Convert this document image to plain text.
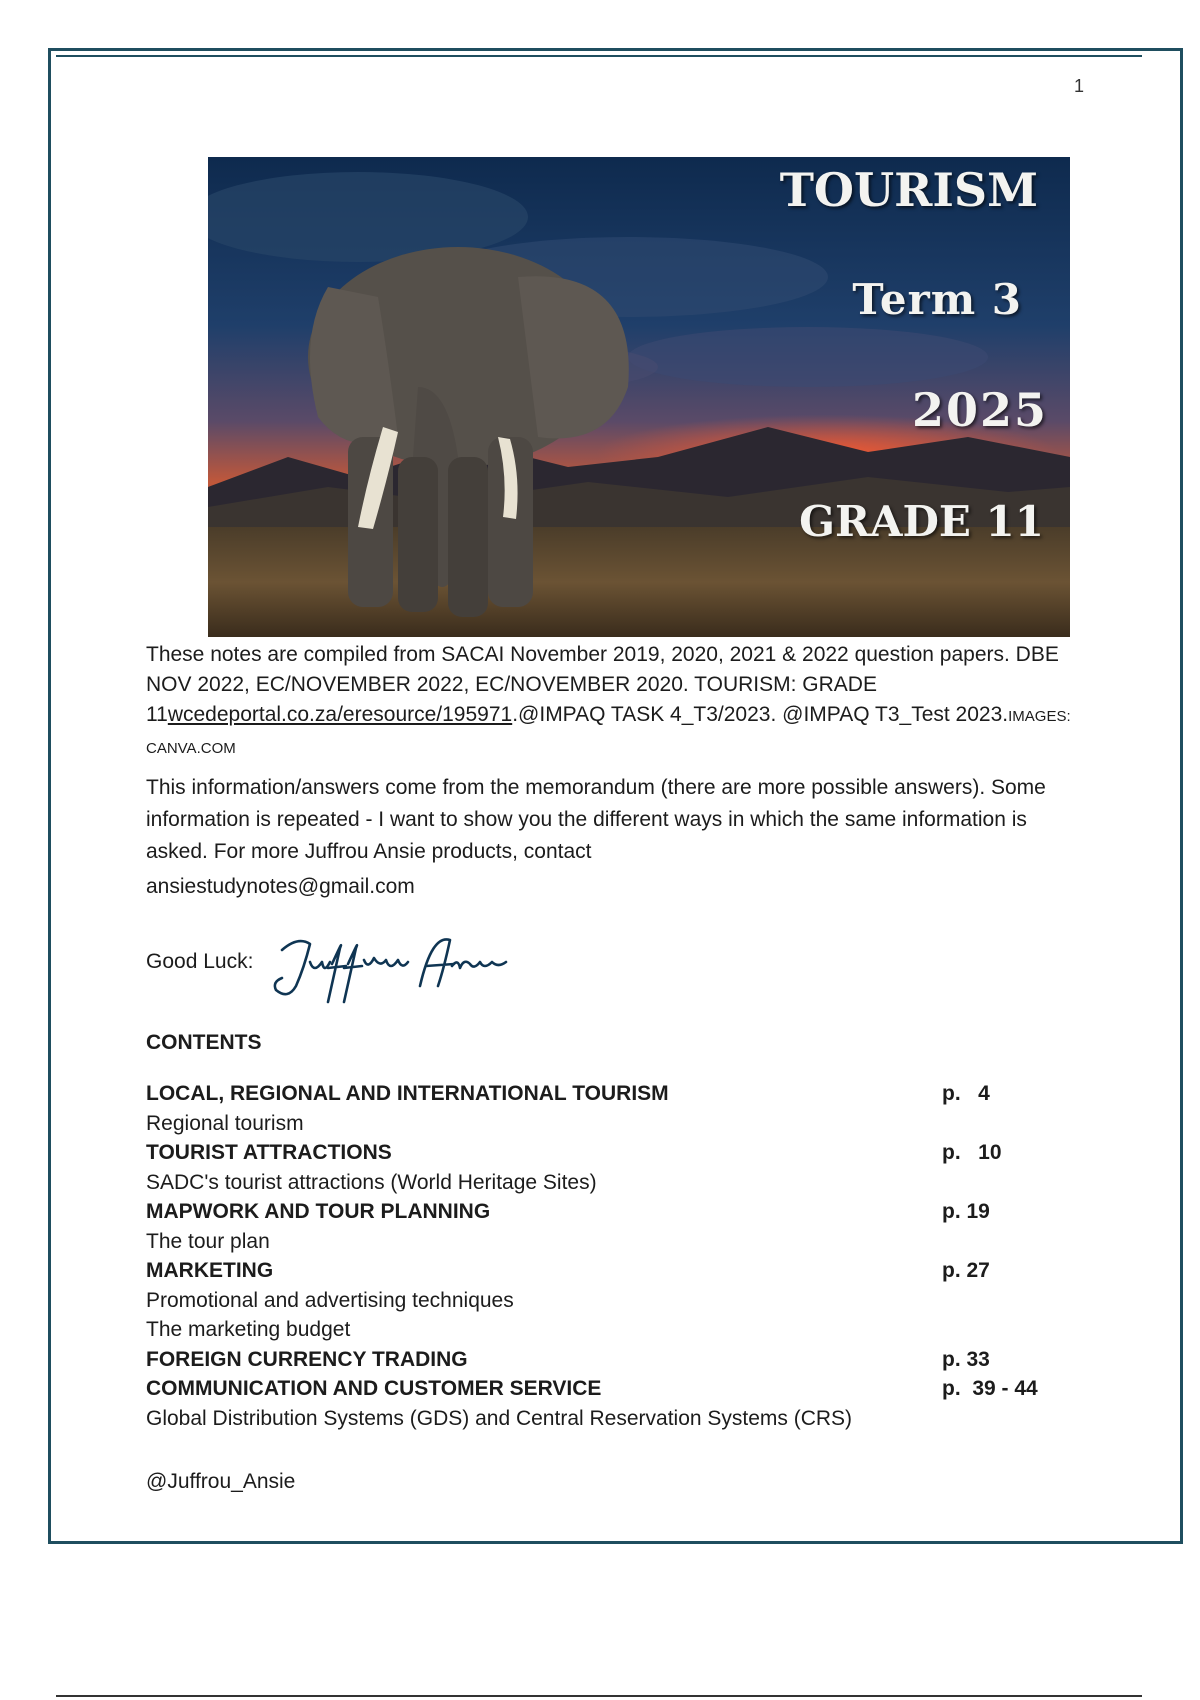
1
TOURISM
Term 3
2025
GRADE 11
These notes are compiled from SACAI November 2019, 2020, 2021 & 2022 question papers. DBE NOV 2022, EC/NOVEMBER 2022, EC/NOVEMBER 2020. TOURISM: GRADE 11wcedeportal.co.za/eresource/195971.@IMPAQ TASK 4_T3/2023. @IMPAQ T3_Test 2023.IMAGES: CANVA.COM
This information/answers come from the memorandum (there are more possible answers). Some information is repeated - I want to show you the different ways in which the same information is asked. For more Juffrou Ansie products, contact
ansiestudynotes@gmail.com
Good Luck:
CONTENTS
LOCAL, REGIONAL AND INTERNATIONAL TOURISM	p.   4
Regional tourism
TOURIST ATTRACTIONS	p.   10
SADC's tourist attractions (World Heritage Sites)
MAPWORK AND TOUR PLANNING	p. 19
The tour plan
MARKETING	p. 27
Promotional and advertising techniques
The marketing budget
FOREIGN CURRENCY TRADING	p. 33
COMMUNICATION AND CUSTOMER SERVICE	p.  39 - 44
Global Distribution Systems (GDS) and Central Reservation Systems (CRS)
@Juffrou_Ansie
